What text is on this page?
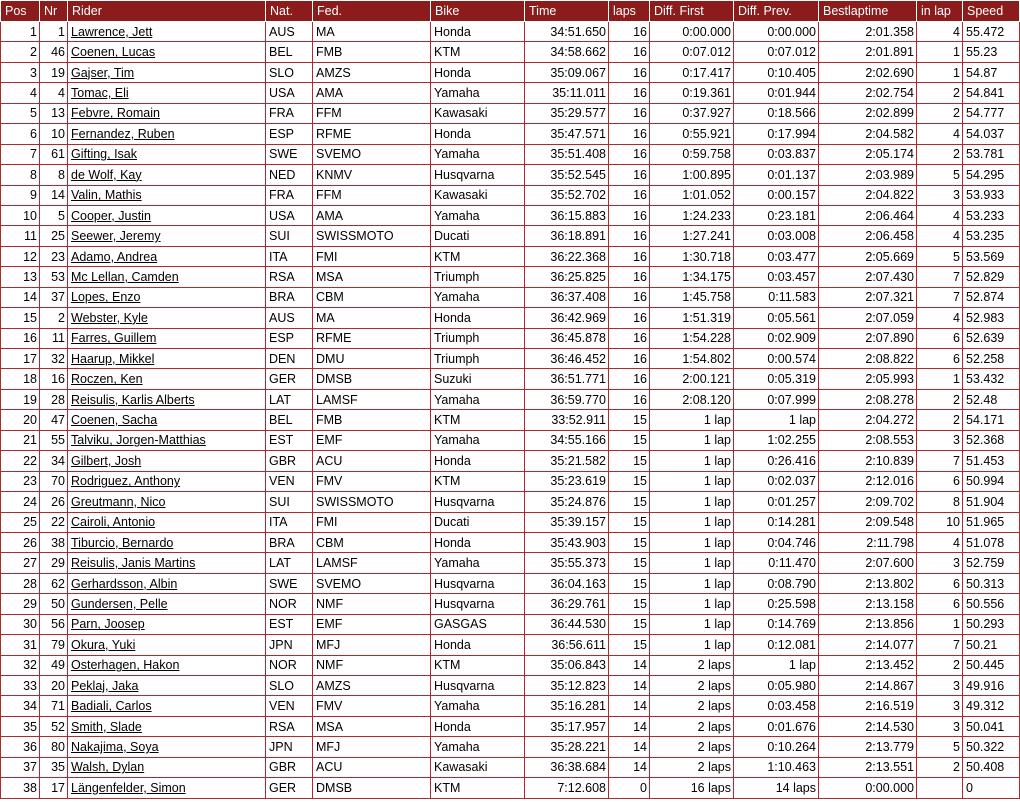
Pos	Nr	Rider	Nat.	Fed.	Bike	Time	laps	Diff. First	Diff. Prev.	Bestlaptime	in lap	Speed
1	1	Lawrence, Jett	AUS	MA	Honda	34:51.650	16	0:00.000	0:00.000	2:01.358	4	55.472
2	46	Coenen, Lucas	BEL	FMB	KTM	34:58.662	16	0:07.012	0:07.012	2:01.891	1	55.23
3	19	Gajser, Tim	SLO	AMZS	Honda	35:09.067	16	0:17.417	0:10.405	2:02.690	1	54.87
4	4	Tomac, Eli	USA	AMA	Yamaha	35:11.011	16	0:19.361	0:01.944	2:02.754	2	54.841
5	13	Febvre, Romain	FRA	FFM	Kawasaki	35:29.577	16	0:37.927	0:18.566	2:02.899	2	54.777
6	10	Fernandez, Ruben	ESP	RFME	Honda	35:47.571	16	0:55.921	0:17.994	2:04.582	4	54.037
7	61	Gifting, Isak	SWE	SVEMO	Yamaha	35:51.408	16	0:59.758	0:03.837	2:05.174	2	53.781
8	8	de Wolf, Kay	NED	KNMV	Husqvarna	35:52.545	16	1:00.895	0:01.137	2:03.989	5	54.295
9	14	Valin, Mathis	FRA	FFM	Kawasaki	35:52.702	16	1:01.052	0:00.157	2:04.822	3	53.933
10	5	Cooper, Justin	USA	AMA	Yamaha	36:15.883	16	1:24.233	0:23.181	2:06.464	4	53.233
11	25	Seewer, Jeremy	SUI	SWISSMOTO	Ducati	36:18.891	16	1:27.241	0:03.008	2:06.458	4	53.235
12	23	Adamo, Andrea	ITA	FMI	KTM	36:22.368	16	1:30.718	0:03.477	2:05.669	5	53.569
13	53	Mc Lellan, Camden	RSA	MSA	Triumph	36:25.825	16	1:34.175	0:03.457	2:07.430	7	52.829
14	37	Lopes, Enzo	BRA	CBM	Yamaha	36:37.408	16	1:45.758	0:11.583	2:07.321	7	52.874
15	2	Webster, Kyle	AUS	MA	Honda	36:42.969	16	1:51.319	0:05.561	2:07.059	4	52.983
16	11	Farres, Guillem	ESP	RFME	Triumph	36:45.878	16	1:54.228	0:02.909	2:07.890	6	52.639
17	32	Haarup, Mikkel	DEN	DMU	Triumph	36:46.452	16	1:54.802	0:00.574	2:08.822	6	52.258
18	16	Roczen, Ken	GER	DMSB	Suzuki	36:51.771	16	2:00.121	0:05.319	2:05.993	1	53.432
19	28	Reisulis, Karlis Alberts	LAT	LAMSF	Yamaha	36:59.770	16	2:08.120	0:07.999	2:08.278	2	52.48
20	47	Coenen, Sacha	BEL	FMB	KTM	33:52.911	15	1 lap	1 lap	2:04.272	2	54.171
21	55	Talviku, Jorgen-Matthias	EST	EMF	Yamaha	34:55.166	15	1 lap	1:02.255	2:08.553	3	52.368
22	34	Gilbert, Josh	GBR	ACU	Honda	35:21.582	15	1 lap	0:26.416	2:10.839	7	51.453
23	70	Rodriguez, Anthony	VEN	FMV	KTM	35:23.619	15	1 lap	0:02.037	2:12.016	6	50.994
24	26	Greutmann, Nico	SUI	SWISSMOTO	Husqvarna	35:24.876	15	1 lap	0:01.257	2:09.702	8	51.904
25	22	Cairoli, Antonio	ITA	FMI	Ducati	35:39.157	15	1 lap	0:14.281	2:09.548	10	51.965
26	38	Tiburcio, Bernardo	BRA	CBM	Honda	35:43.903	15	1 lap	0:04.746	2:11.798	4	51.078
27	29	Reisulis, Janis Martins	LAT	LAMSF	Yamaha	35:55.373	15	1 lap	0:11.470	2:07.600	3	52.759
28	62	Gerhardsson, Albin	SWE	SVEMO	Husqvarna	36:04.163	15	1 lap	0:08.790	2:13.802	6	50.313
29	50	Gundersen, Pelle	NOR	NMF	Husqvarna	36:29.761	15	1 lap	0:25.598	2:13.158	6	50.556
30	56	Parn, Joosep	EST	EMF	GASGAS	36:44.530	15	1 lap	0:14.769	2:13.856	1	50.293
31	79	Okura, Yuki	JPN	MFJ	Honda	36:56.611	15	1 lap	0:12.081	2:14.077	7	50.21
32	49	Osterhagen, Hakon	NOR	NMF	KTM	35:06.843	14	2 laps	1 lap	2:13.452	2	50.445
33	20	Peklaj, Jaka	SLO	AMZS	Husqvarna	35:12.823	14	2 laps	0:05.980	2:14.867	3	49.916
34	71	Badiali, Carlos	VEN	FMV	Yamaha	35:16.281	14	2 laps	0:03.458	2:16.519	3	49.312
35	52	Smith, Slade	RSA	MSA	Honda	35:17.957	14	2 laps	0:01.676	2:14.530	3	50.041
36	80	Nakajima, Soya	JPN	MFJ	Yamaha	35:28.221	14	2 laps	0:10.264	2:13.779	5	50.322
37	35	Walsh, Dylan	GBR	ACU	Kawasaki	36:38.684	14	2 laps	1:10.463	2:13.551	2	50.408
38	17	Längenfelder, Simon	GER	DMSB	KTM	7:12.608	0	16 laps	14 laps	0:00.000		0
